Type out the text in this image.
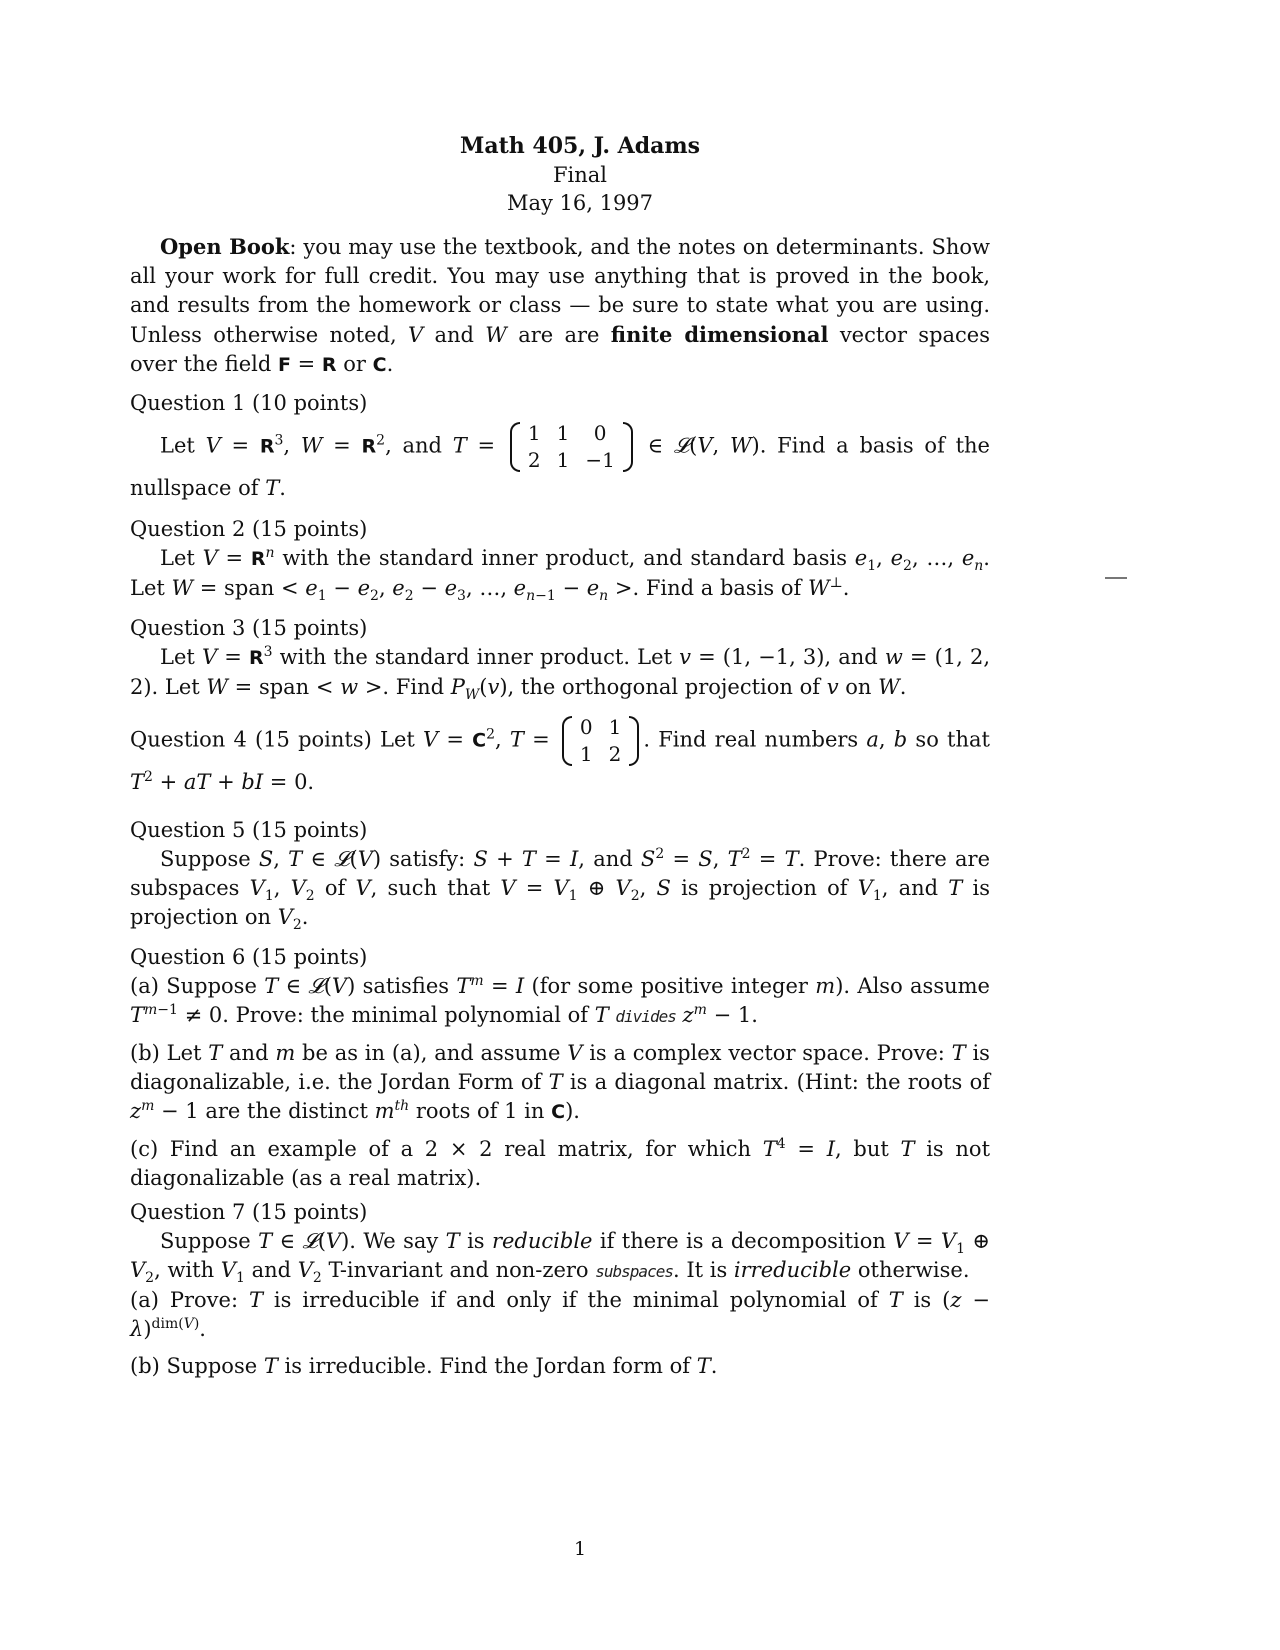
Math 405, J. Adams
Final
May 16, 1997
Open Book: you may use the textbook, and the notes on determinants. Show all your work for full credit. You may use anything that is proved in the book, and results from the homework or class — be sure to state what you are using. Unless otherwise noted, V and W are are finite dimensional vector spaces over the field F = R or C.
Question 1 (10 points)
Let $V = R^3$, $W = R^2$, and T =
1	1	0
2	1	−1
∈ 𝓛(V, W). Find a basis of the nullspace of T.
Question 2 (15 points)
Let $V = R^n$ with the standard inner product, and standard basis $e_1$, $e_2$, …, $e_n$. Let W = span < $e_1 - e_2$, $e_2 - e_3$, …, $e_{n-1} - e_n$ >. Find a basis of W⊥.
Question 3 (15 points)
Let $V = R^3$ with the standard inner product. Let v = (1, −1, 3), and w = (1, 2, 2). Let W = span < w >. Find $P_W(v)$, the orthogonal projection of v on W.
Question 4 (15 points) Let $V = C^2$, T =
0	1
1	2
. Find real numbers a, b so that $T^2$ + aT + bI = 0.
Question 5 (15 points)
Suppose S, T ∈ 𝓛(V) satisfy: S + T = I, and $S^2 = S$, $T^2 = T$. Prove: there are subspaces $V_1$, $V_2$ of V, such that $V = V_1$ ⊕ $V_2$, S is projection of $V_1$, and T is projection on $V_2$.
Question 6 (15 points)
(a) Suppose T ∈ 𝓛(V) satisfies $T^m = I$ (for some positive integer m). Also assume $T^{m-1} \ne 0$. Prove: the minimal polynomial of T divides $z^m - 1$.
(b) Let T and m be as in (a), and assume V is a complex vector space. Prove: T is diagonalizable, i.e. the Jordan Form of T is a diagonal matrix. (Hint: the roots of $z^m - 1$ are the distinct $m^{th}$ roots of 1 in C).
(c) Find an example of a 2 × 2 real matrix, for which $T^4 = I$, but T is not diagonalizable (as a real matrix).
Question 7 (15 points)
Suppose T ∈ 𝓛(V). We say T is reducible if there is a decomposition $V = V_1$ ⊕ $V_2$, with $V_1$ and $V_2$ T-invariant and non-zero subspaces. It is irreducible otherwise.
(a) Prove: T is irreducible if and only if the minimal polynomial of T is $(z - \lambda)^{dim(V)}$.
(b) Suppose T is irreducible. Find the Jordan form of T.
1
